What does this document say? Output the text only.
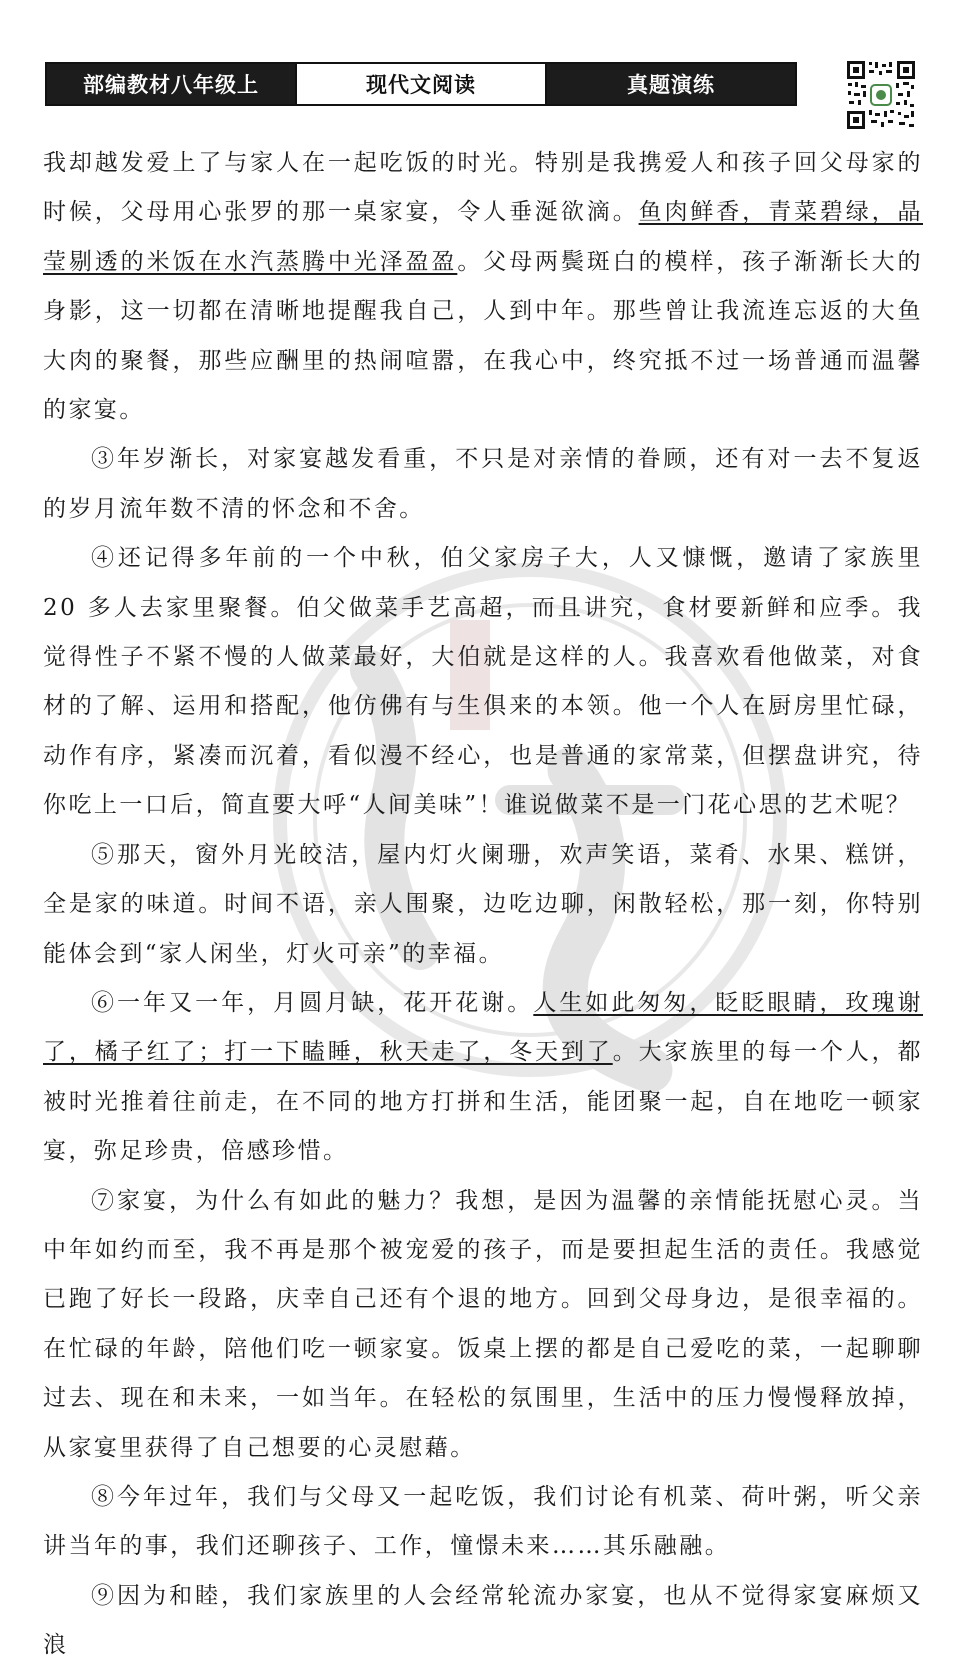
部编教材八年级上	现代文阅读	真题演练

我却越发爱上了与家人在一起吃饭的时光。特别是我携爱人和孩子回父母家的时候，父母用心张罗的那一桌家宴，令人垂涎欲滴。鱼肉鲜香，青菜碧绿，晶莹剔透的米饭在水汽蒸腾中光泽盈盈。父母两鬓斑白的模样，孩子渐渐长大的身影，这一切都在清晰地提醒我自己，人到中年。那些曾让我流连忘返的大鱼大肉的聚餐，那些应酬里的热闹喧嚣，在我心中，终究抵不过一场普通而温馨的家宴。

③年岁渐长，对家宴越发看重，不只是对亲情的眷顾，还有对一去不复返的岁月流年数不清的怀念和不舍。

④还记得多年前的一个中秋，伯父家房子大，人又慷慨，邀请了家族里 20 多人去家里聚餐。伯父做菜手艺高超，而且讲究，食材要新鲜和应季。我觉得性子不紧不慢的人做菜最好，大伯就是这样的人。我喜欢看他做菜，对食材的了解、运用和搭配，他仿佛有与生俱来的本领。他一个人在厨房里忙碌，动作有序，紧凑而沉着，看似漫不经心，也是普通的家常菜，但摆盘讲究，待你吃上一口后，简直要大呼“人间美味”！谁说做菜不是一门花心思的艺术呢？

⑤那天，窗外月光皎洁，屋内灯火阑珊，欢声笑语，菜肴、水果、糕饼，全是家的味道。时间不语，亲人围聚，边吃边聊，闲散轻松，那一刻，你特别能体会到“家人闲坐，灯火可亲”的幸福。

⑥一年又一年，月圆月缺，花开花谢。人生如此匆匆，眨眨眼睛，玫瑰谢了，橘子红了；打一下瞌睡，秋天走了，冬天到了。大家族里的每一个人，都被时光推着往前走，在不同的地方打拼和生活，能团聚一起，自在地吃一顿家宴，弥足珍贵，倍感珍惜。

⑦家宴，为什么有如此的魅力？我想，是因为温馨的亲情能抚慰心灵。当中年如约而至，我不再是那个被宠爱的孩子，而是要担起生活的责任。我感觉已跑了好长一段路，庆幸自己还有个退的地方。回到父母身边，是很幸福的。在忙碌的年龄，陪他们吃一顿家宴。饭桌上摆的都是自己爱吃的菜，一起聊聊过去、现在和未来，一如当年。在轻松的氛围里，生活中的压力慢慢释放掉，从家宴里获得了自己想要的心灵慰藉。

⑧今年过年，我们与父母又一起吃饭，我们讨论有机菜、荷叶粥，听父亲讲当年的事，我们还聊孩子、工作，憧憬未来……其乐融融。

⑨因为和睦，我们家族里的人会经常轮流办家宴，也从不觉得家宴麻烦又浪
